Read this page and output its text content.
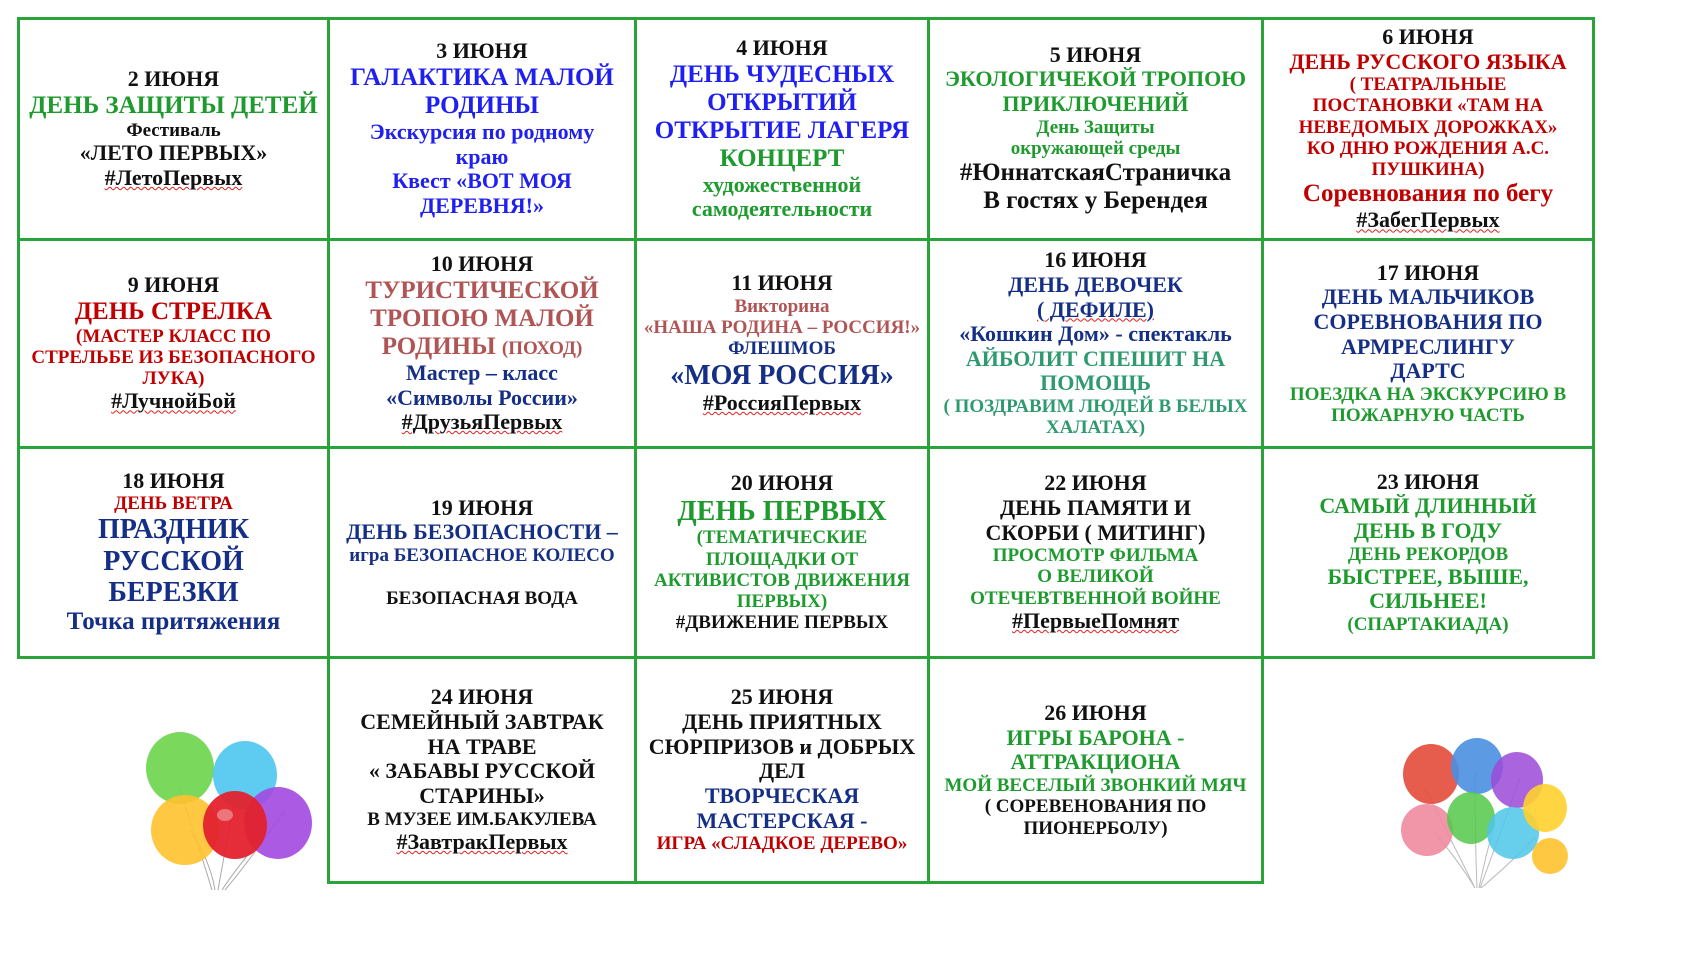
2 ИЮНЯ
ДЕНЬ ЗАЩИТЫ ДЕТЕЙ
Фестиваль
«ЛЕТО ПЕРВЫХ»
#ЛетоПервых
3 ИЮНЯ
ГАЛАКТИКА МАЛОЙ
РОДИНЫ
Экскурсия по родному
краю
Квест «ВОТ МОЯ
ДЕРЕВНЯ!»
4 ИЮНЯ
ДЕНЬ ЧУДЕСНЫХ
ОТКРЫТИЙ
ОТКРЫТИЕ ЛАГЕРЯ
КОНЦЕРТ
художественной
самодеятельности
5 ИЮНЯ
ЭКОЛОГИЧЕКОЙ ТРОПОЮ
ПРИКЛЮЧЕНИЙ
День Защиты
окружающей среды
#ЮннатскаяСтраничка
В гостях у Берендея
6 ИЮНЯ
ДЕНЬ РУССКОГО ЯЗЫКА
( ТЕАТРАЛЬНЫЕ
ПОСТАНОВКИ «ТАМ НА
НЕВЕДОМЫХ ДОРОЖКАХ»
КО ДНЮ РОЖДЕНИЯ А.С.
ПУШКИНА)
Соревнования по бегу
#ЗабегПервых
9 ИЮНЯ
ДЕНЬ СТРЕЛКА
(МАСТЕР КЛАСС ПО
СТРЕЛЬБЕ ИЗ БЕЗОПАСНОГО
ЛУКА)
#ЛучнойБой
10 ИЮНЯ
ТУРИСТИЧЕСКОЙ
ТРОПОЮ МАЛОЙ
РОДИНЫ (ПОХОД)
Мастер – класс
«Символы России»
#ДрузьяПервых
11 ИЮНЯ
Викторина
«НАША РОДИНА – РОССИЯ!»
ФЛЕШМОБ
«МОЯ РОССИЯ»
#РоссияПервых
16 ИЮНЯ
ДЕНЬ ДЕВОЧЕК
( ДЕФИЛЕ)
«Кошкин Дом» - спектакль
АЙБОЛИТ СПЕШИТ НА
ПОМОЩЬ
( ПОЗДРАВИМ ЛЮДЕЙ В БЕЛЫХ
ХАЛАТАХ)
17 ИЮНЯ
ДЕНЬ МАЛЬЧИКОВ
СОРЕВНОВАНИЯ ПО
АРМРЕСЛИНГУ
ДАРТС
ПОЕЗДКА НА ЭКСКУРСИЮ В
ПОЖАРНУЮ ЧАСТЬ
18 ИЮНЯ
ДЕНЬ ВЕТРА
ПРАЗДНИК РУССКОЙ
БЕРЕЗКИ
Точка притяжения
19 ИЮНЯ
ДЕНЬ БЕЗОПАСНОСТИ –
игра БЕЗОПАСНОЕ КОЛЕСО
БЕЗОПАСНАЯ ВОДА
20 ИЮНЯ
ДЕНЬ ПЕРВЫХ
(ТЕМАТИЧЕСКИЕ
ПЛОЩАДКИ ОТ
АКТИВИСТОВ ДВИЖЕНИЯ
ПЕРВЫХ)
#ДВИЖЕНИЕ ПЕРВЫХ
22 ИЮНЯ
ДЕНЬ ПАМЯТИ И
СКОРБИ ( МИТИНГ)
ПРОСМОТР ФИЛЬМА
О ВЕЛИКОЙ
ОТЕЧЕВТВЕННОЙ ВОЙНЕ
#ПервыеПомнят
23 ИЮНЯ
САМЫЙ ДЛИННЫЙ
ДЕНЬ В ГОДУ
ДЕНЬ РЕКОРДОВ
БЫСТРЕЕ, ВЫШЕ,
СИЛЬНЕЕ!
(СПАРТАКИАДА)
24 ИЮНЯ
СЕМЕЙНЫЙ ЗАВТРАК
НА ТРАВЕ
« ЗАБАВЫ РУССКОЙ
СТАРИНЫ»
В МУЗЕЕ ИМ.БАКУЛЕВА
#ЗавтракПервых
25 ИЮНЯ
ДЕНЬ ПРИЯТНЫХ
СЮРПРИЗОВ и ДОБРЫХ
ДЕЛ
ТВОРЧЕСКАЯ
МАСТЕРСКАЯ -
ИГРА «СЛАДКОЕ ДЕРЕВО»
26 ИЮНЯ
ИГРЫ БАРОНА -
АТТРАКЦИОНА
МОЙ ВЕСЕЛЫЙ ЗВОНКИЙ МЯЧ
( СОРЕВЕНОВАНИЯ ПО
ПИОНЕРБОЛУ)
